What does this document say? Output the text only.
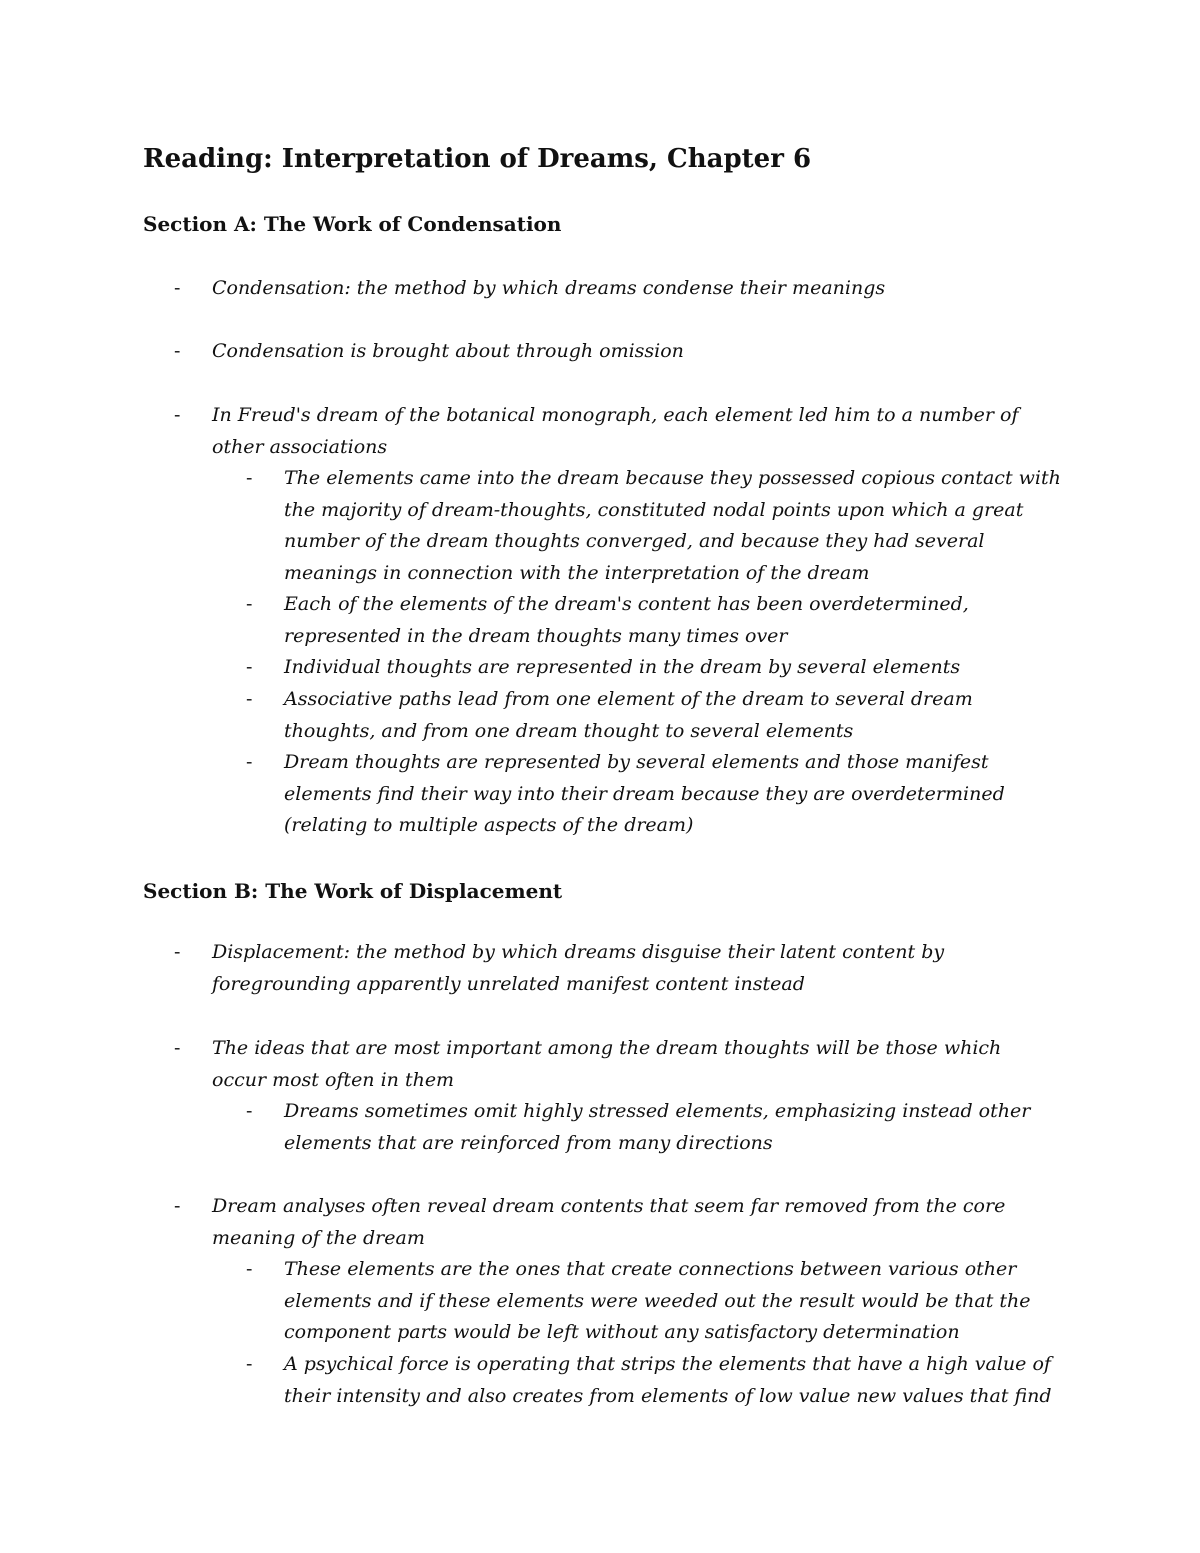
Reading: Interpretation of Dreams, Chapter 6
Section A: The Work of Condensation
- Condensation: the method by which dreams condense their meanings
- Condensation is brought about through omission
- In Freud's dream of the botanical monograph, each element led him to a number of
other associations
- The elements came into the dream because they possessed copious contact with
the majority of dream-thoughts, constituted nodal points upon which a great
number of the dream thoughts converged, and because they had several
meanings in connection with the interpretation of the dream
- Each of the elements of the dream's content has been overdetermined,
represented in the dream thoughts many times over
- Individual thoughts are represented in the dream by several elements
- Associative paths lead from one element of the dream to several dream
thoughts, and from one dream thought to several elements
- Dream thoughts are represented by several elements and those manifest
elements find their way into their dream because they are overdetermined
(relating to multiple aspects of the dream)
Section B: The Work of Displacement
- Displacement: the method by which dreams disguise their latent content by
foregrounding apparently unrelated manifest content instead
- The ideas that are most important among the dream thoughts will be those which
occur most often in them
- Dreams sometimes omit highly stressed elements, emphasizing instead other
elements that are reinforced from many directions
- Dream analyses often reveal dream contents that seem far removed from the core
meaning of the dream
- These elements are the ones that create connections between various other
elements and if these elements were weeded out the result would be that the
component parts would be left without any satisfactory determination
- A psychical force is operating that strips the elements that have a high value of
their intensity and also creates from elements of low value new values that find
